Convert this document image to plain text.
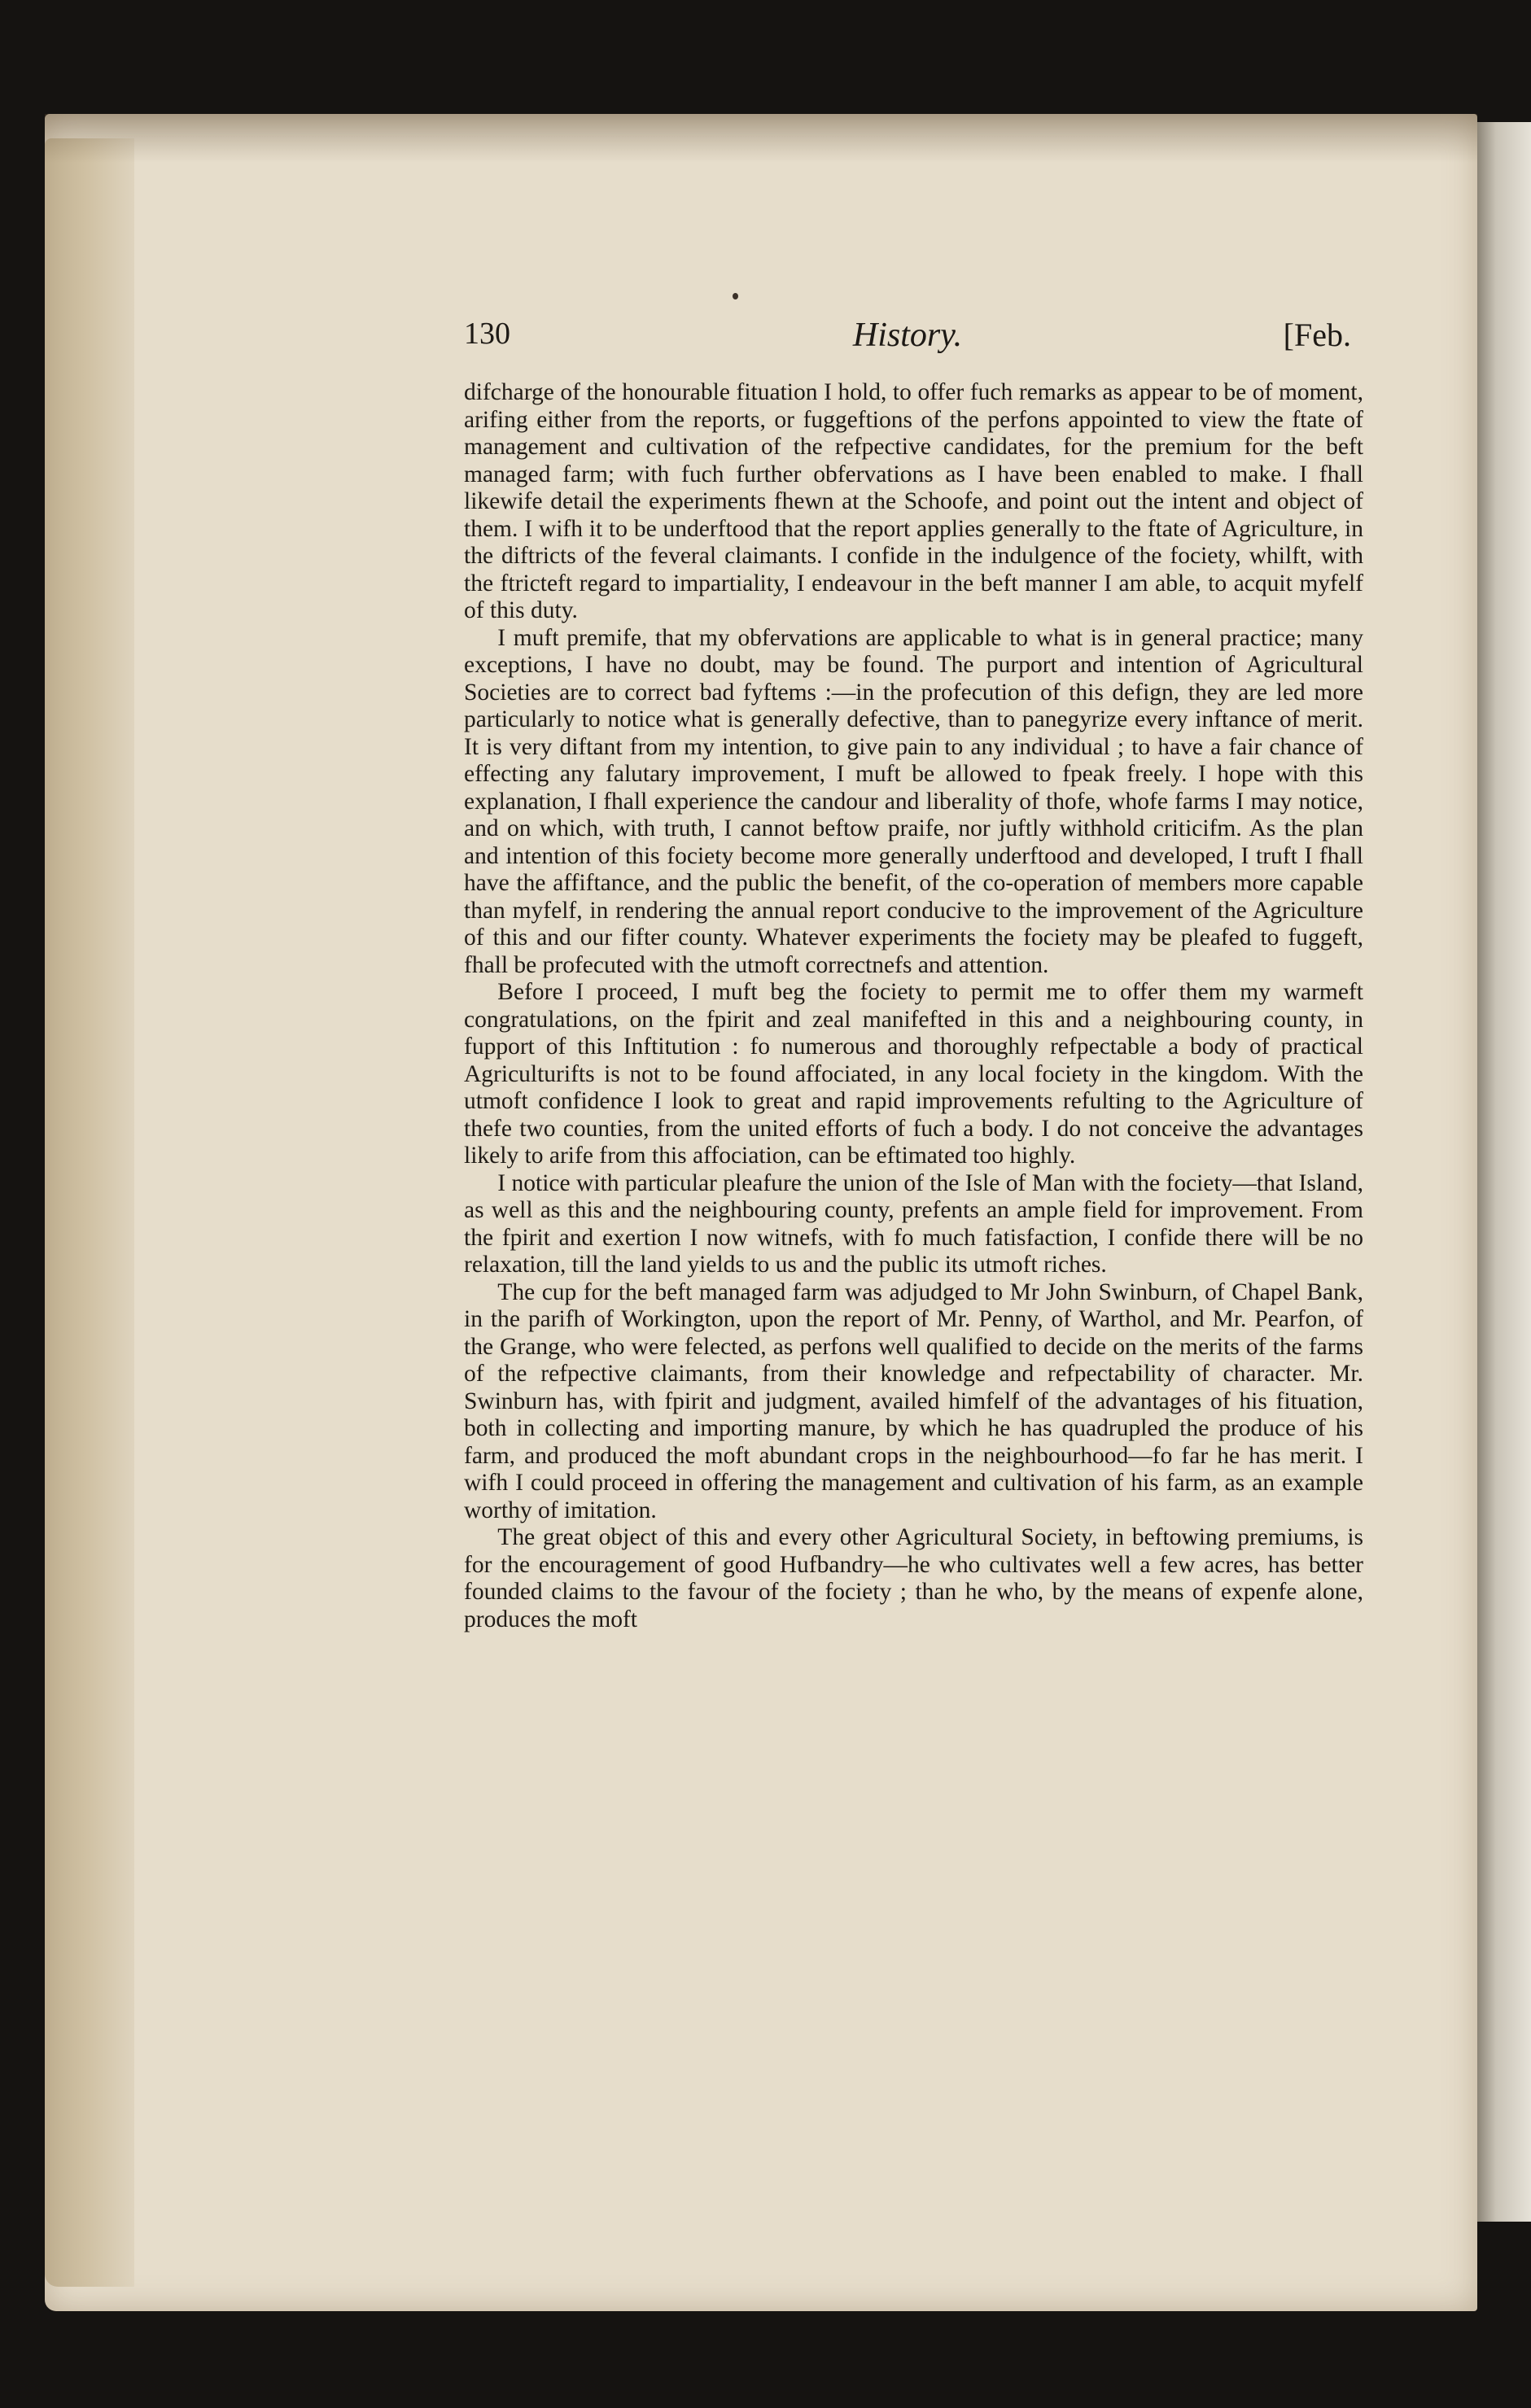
130	History.	[Feb.

difcharge of the honourable fituation I hold, to offer fuch remarks as appear to be of moment, arifing either from the reports, or fuggeftions of the perfons appointed to view the ftate of management and cultivation of the refpective candidates, for the premium for the beft managed farm; with fuch further obfervations as I have been enabled to make. I fhall likewife detail the experiments fhewn at the Schoofe, and point out the intent and object of them. I wifh it to be underftood that the report applies generally to the ftate of Agriculture, in the diftricts of the feveral claimants. I confide in the indulgence of the fociety, whilft, with the ftricteft regard to impartiality, I endeavour in the beft manner I am able, to acquit myfelf of this duty.

I muft premife, that my obfervations are applicable to what is in general practice; many exceptions, I have no doubt, may be found. The purport and intention of Agricultural Societies are to correct bad fyftems :—in the profecution of this defign, they are led more particularly to notice what is generally defective, than to panegyrize every inftance of merit. It is very diftant from my intention, to give pain to any individual ; to have a fair chance of effecting any falutary improvement, I muft be allowed to fpeak freely. I hope with this explanation, I fhall experience the candour and liberality of thofe, whofe farms I may notice, and on which, with truth, I cannot beftow praife, nor juftly withhold criticifm. As the plan and intention of this fociety become more generally underftood and developed, I truft I fhall have the affiftance, and the public the benefit, of the co-operation of members more capable than myfelf, in rendering the annual report conducive to the improvement of the Agriculture of this and our fifter county. Whatever experiments the fociety may be pleafed to fuggeft, fhall be profecuted with the utmoft correctnefs and attention.

Before I proceed, I muft beg the fociety to permit me to offer them my warmeft congratulations, on the fpirit and zeal manifefted in this and a neighbouring county, in fupport of this Inftitution : fo numerous and thoroughly refpectable a body of practical Agriculturifts is not to be found affociated, in any local fociety in the kingdom. With the utmoft confidence I look to great and rapid improvements refulting to the Agriculture of thefe two counties, from the united efforts of fuch a body. I do not conceive the advantages likely to arife from this affociation, can be eftimated too highly.

I notice with particular pleafure the union of the Isle of Man with the fociety—that Island, as well as this and the neighbouring county, prefents an ample field for improvement. From the fpirit and exertion I now witnefs, with fo much fatisfaction, I confide there will be no relaxation, till the land yields to us and the public its utmoft riches.

The cup for the beft managed farm was adjudged to Mr John Swinburn, of Chapel Bank, in the parifh of Workington, upon the report of Mr. Penny, of Warthol, and Mr. Pearfon, of the Grange, who were felected, as perfons well qualified to decide on the merits of the farms of the refpective claimants, from their knowledge and refpectability of character. Mr. Swinburn has, with fpirit and judgment, availed himfelf of the advantages of his fituation, both in collecting and importing manure, by which he has quadrupled the produce of his farm, and produced the moft abundant crops in the neighbourhood—fo far he has merit. I wifh I could proceed in offering the management and cultivation of his farm, as an example worthy of imitation.

The great object of this and every other Agricultural Society, in beftowing premiums, is for the encouragement of good Hufbandry—he who cultivates well a few acres, has better founded claims to the favour of the fociety ; than he who, by the means of expenfe alone, produces the moft
